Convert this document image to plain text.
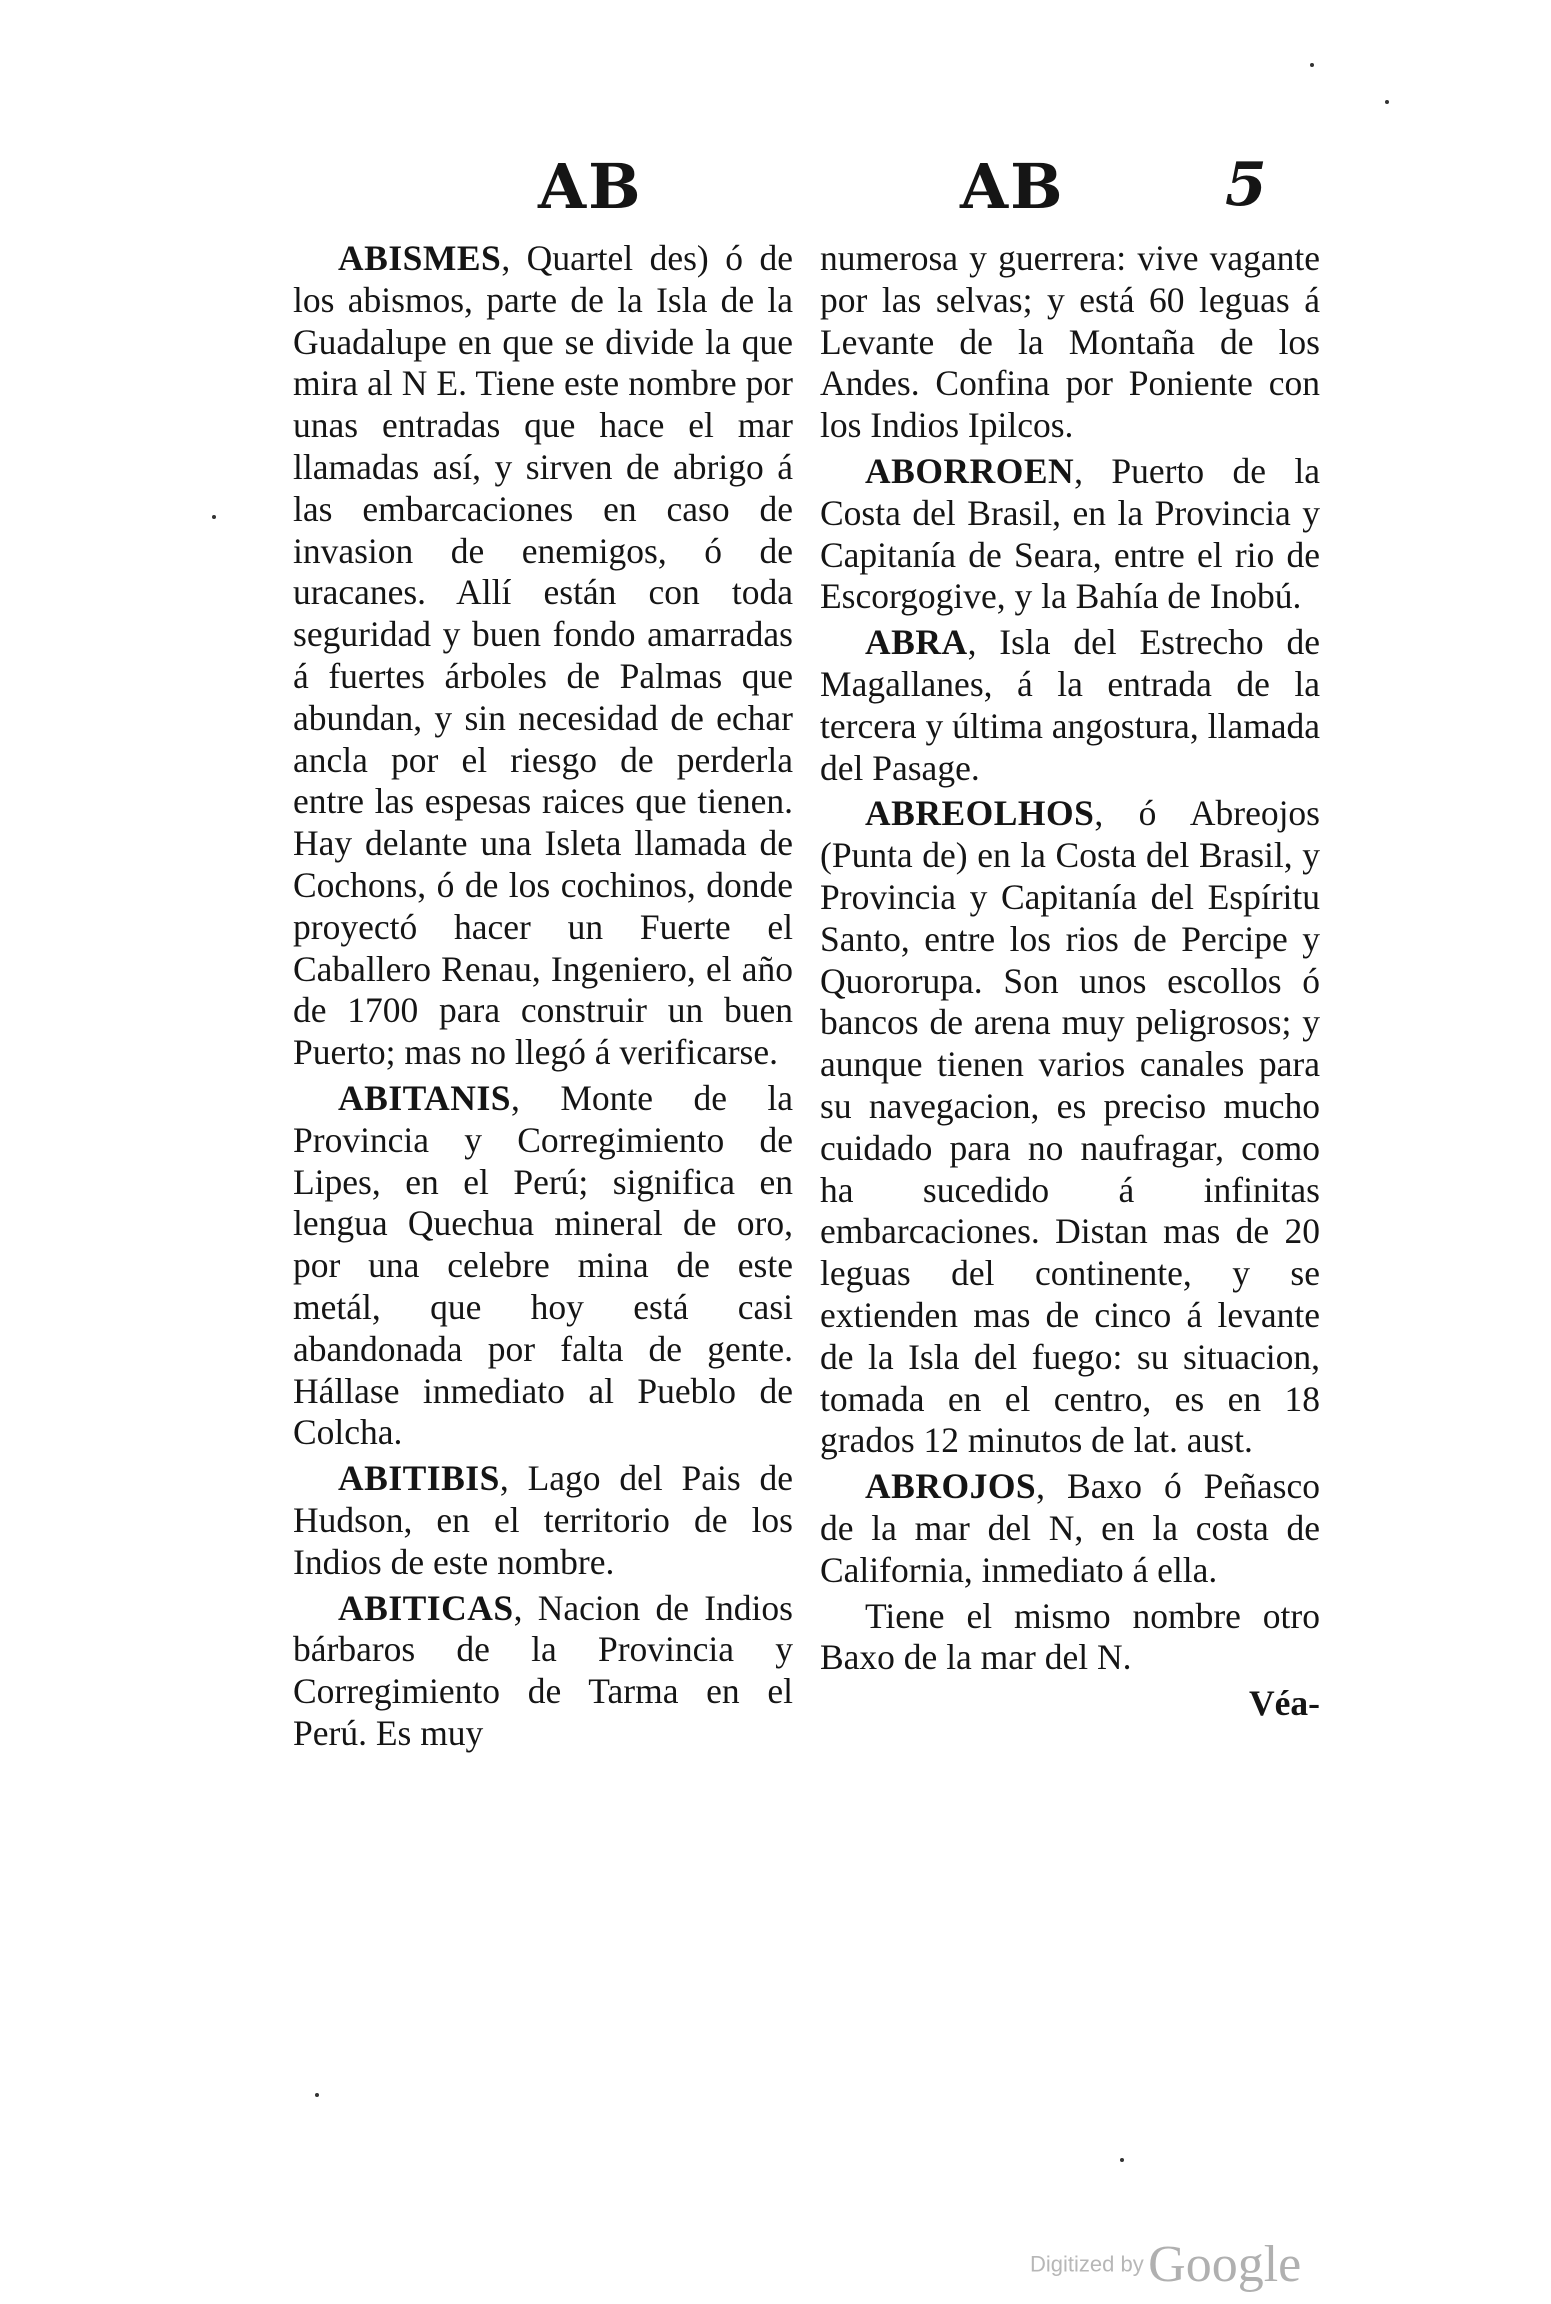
AB	AB	5

ABISMES, Quartel des) ó de los abismos, parte de la Isla de la Guadalupe en que se divide la que mira al N E. Tiene este nombre por unas entradas que hace el mar llamadas así, y sirven de abrigo á las embarcaciones en caso de invasion de enemigos, ó de uracanes. Allí están con toda seguridad y buen fondo amarradas á fuertes árboles de Palmas que abundan, y sin necesidad de echar ancla por el riesgo de perderla entre las espesas raices que tienen. Hay delante una Isleta llamada de Cochons, ó de los cochinos, donde proyectó hacer un Fuerte el Caballero Renau, Ingeniero, el año de 1700 para construir un buen Puerto; mas no llegó á verificarse.

ABITANIS, Monte de la Provincia y Corregimiento de Lipes, en el Perú; significa en lengua Quechua mineral de oro, por una celebre mina de este metál, que hoy está casi abandonada por falta de gente. Hállase inmediato al Pueblo de Colcha.

ABITIBIS, Lago del Pais de Hudson, en el territorio de los Indios de este nombre.

ABITICAS, Nacion de Indios bárbaros de la Provincia y Corregimiento de Tarma en el Perú. Es muy

numerosa y guerrera: vive vagante por las selvas; y está 60 leguas á Levante de la Montaña de los Andes. Confina por Poniente con los Indios Ipilcos.

ABORROEN, Puerto de la Costa del Brasil, en la Provincia y Capitanía de Seara, entre el rio de Escorgogive, y la Bahía de Inobú.

ABRA, Isla del Estrecho de Magallanes, á la entrada de la tercera y última angostura, llamada del Pasage.

ABREOLHOS, ó Abreojos (Punta de) en la Costa del Brasil, y Provincia y Capitanía del Espíritu Santo, entre los rios de Percipe y Quororupa. Son unos escollos ó bancos de arena muy peligrosos; y aunque tienen varios canales para su navegacion, es preciso mucho cuidado para no naufragar, como ha sucedido á infinitas embarcaciones. Distan mas de 20 leguas del continente, y se extienden mas de cinco á levante de la Isla del fuego: su situacion, tomada en el centro, es en 18 grados 12 minutos de lat. aust.

ABROJOS, Baxo ó Peñasco de la mar del N, en la costa de California, inmediato á ella.

Tiene el mismo nombre otro Baxo de la mar del N.

Véa-
Digitized by Google
